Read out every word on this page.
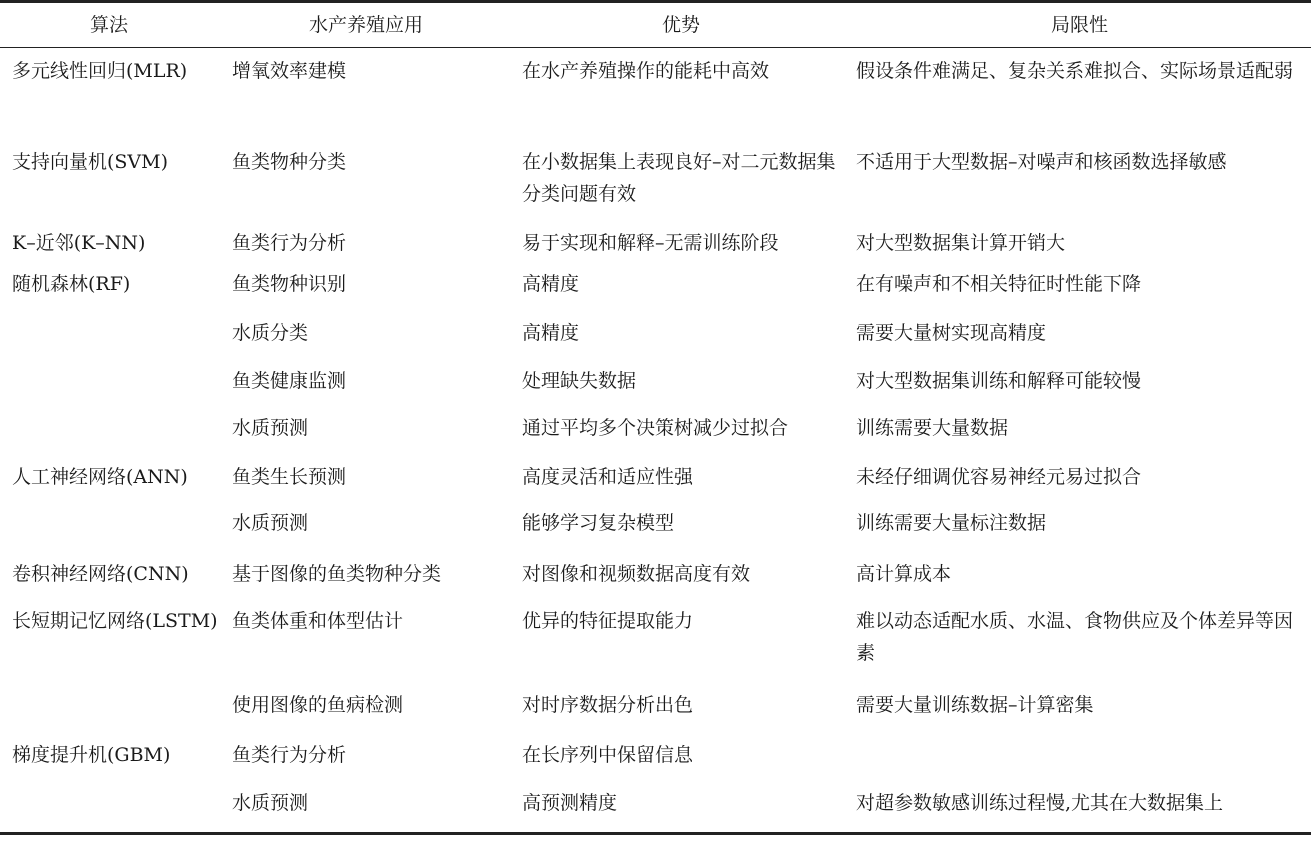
算法	水产养殖应用	优势	局限性
多元线性回归(MLR)	增氧效率建模	在水产养殖操作的能耗中高效	假设条件难满足、复杂关系难拟合、实际场景适配弱
支持向量机(SVM)	鱼类物种分类	在小数据集上表现良好–对二元数据集分类问题有效	不适用于大型数据–对噪声和核函数选择敏感
K–近邻(K–NN)	鱼类行为分析	易于实现和解释–无需训练阶段	对大型数据集计算开销大
随机森林(RF)	鱼类物种识别	高精度	在有噪声和不相关特征时性能下降
	水质分类	高精度	需要大量树实现高精度
	鱼类健康监测	处理缺失数据	对大型数据集训练和解释可能较慢
	水质预测	通过平均多个决策树减少过拟合	训练需要大量数据
人工神经网络(ANN)	鱼类生长预测	高度灵活和适应性强	未经仔细调优容易神经元易过拟合
	水质预测	能够学习复杂模型	训练需要大量标注数据
卷积神经网络(CNN)	基于图像的鱼类物种分类	对图像和视频数据高度有效	高计算成本
长短期记忆网络(LSTM)	鱼类体重和体型估计	优异的特征提取能力	难以动态适配水质、水温、食物供应及个体差异等因素
	使用图像的鱼病检测	对时序数据分析出色	需要大量训练数据–计算密集
梯度提升机(GBM)	鱼类行为分析	在长序列中保留信息	
	水质预测	高预测精度	对超参数敏感训练过程慢,尤其在大数据集上
